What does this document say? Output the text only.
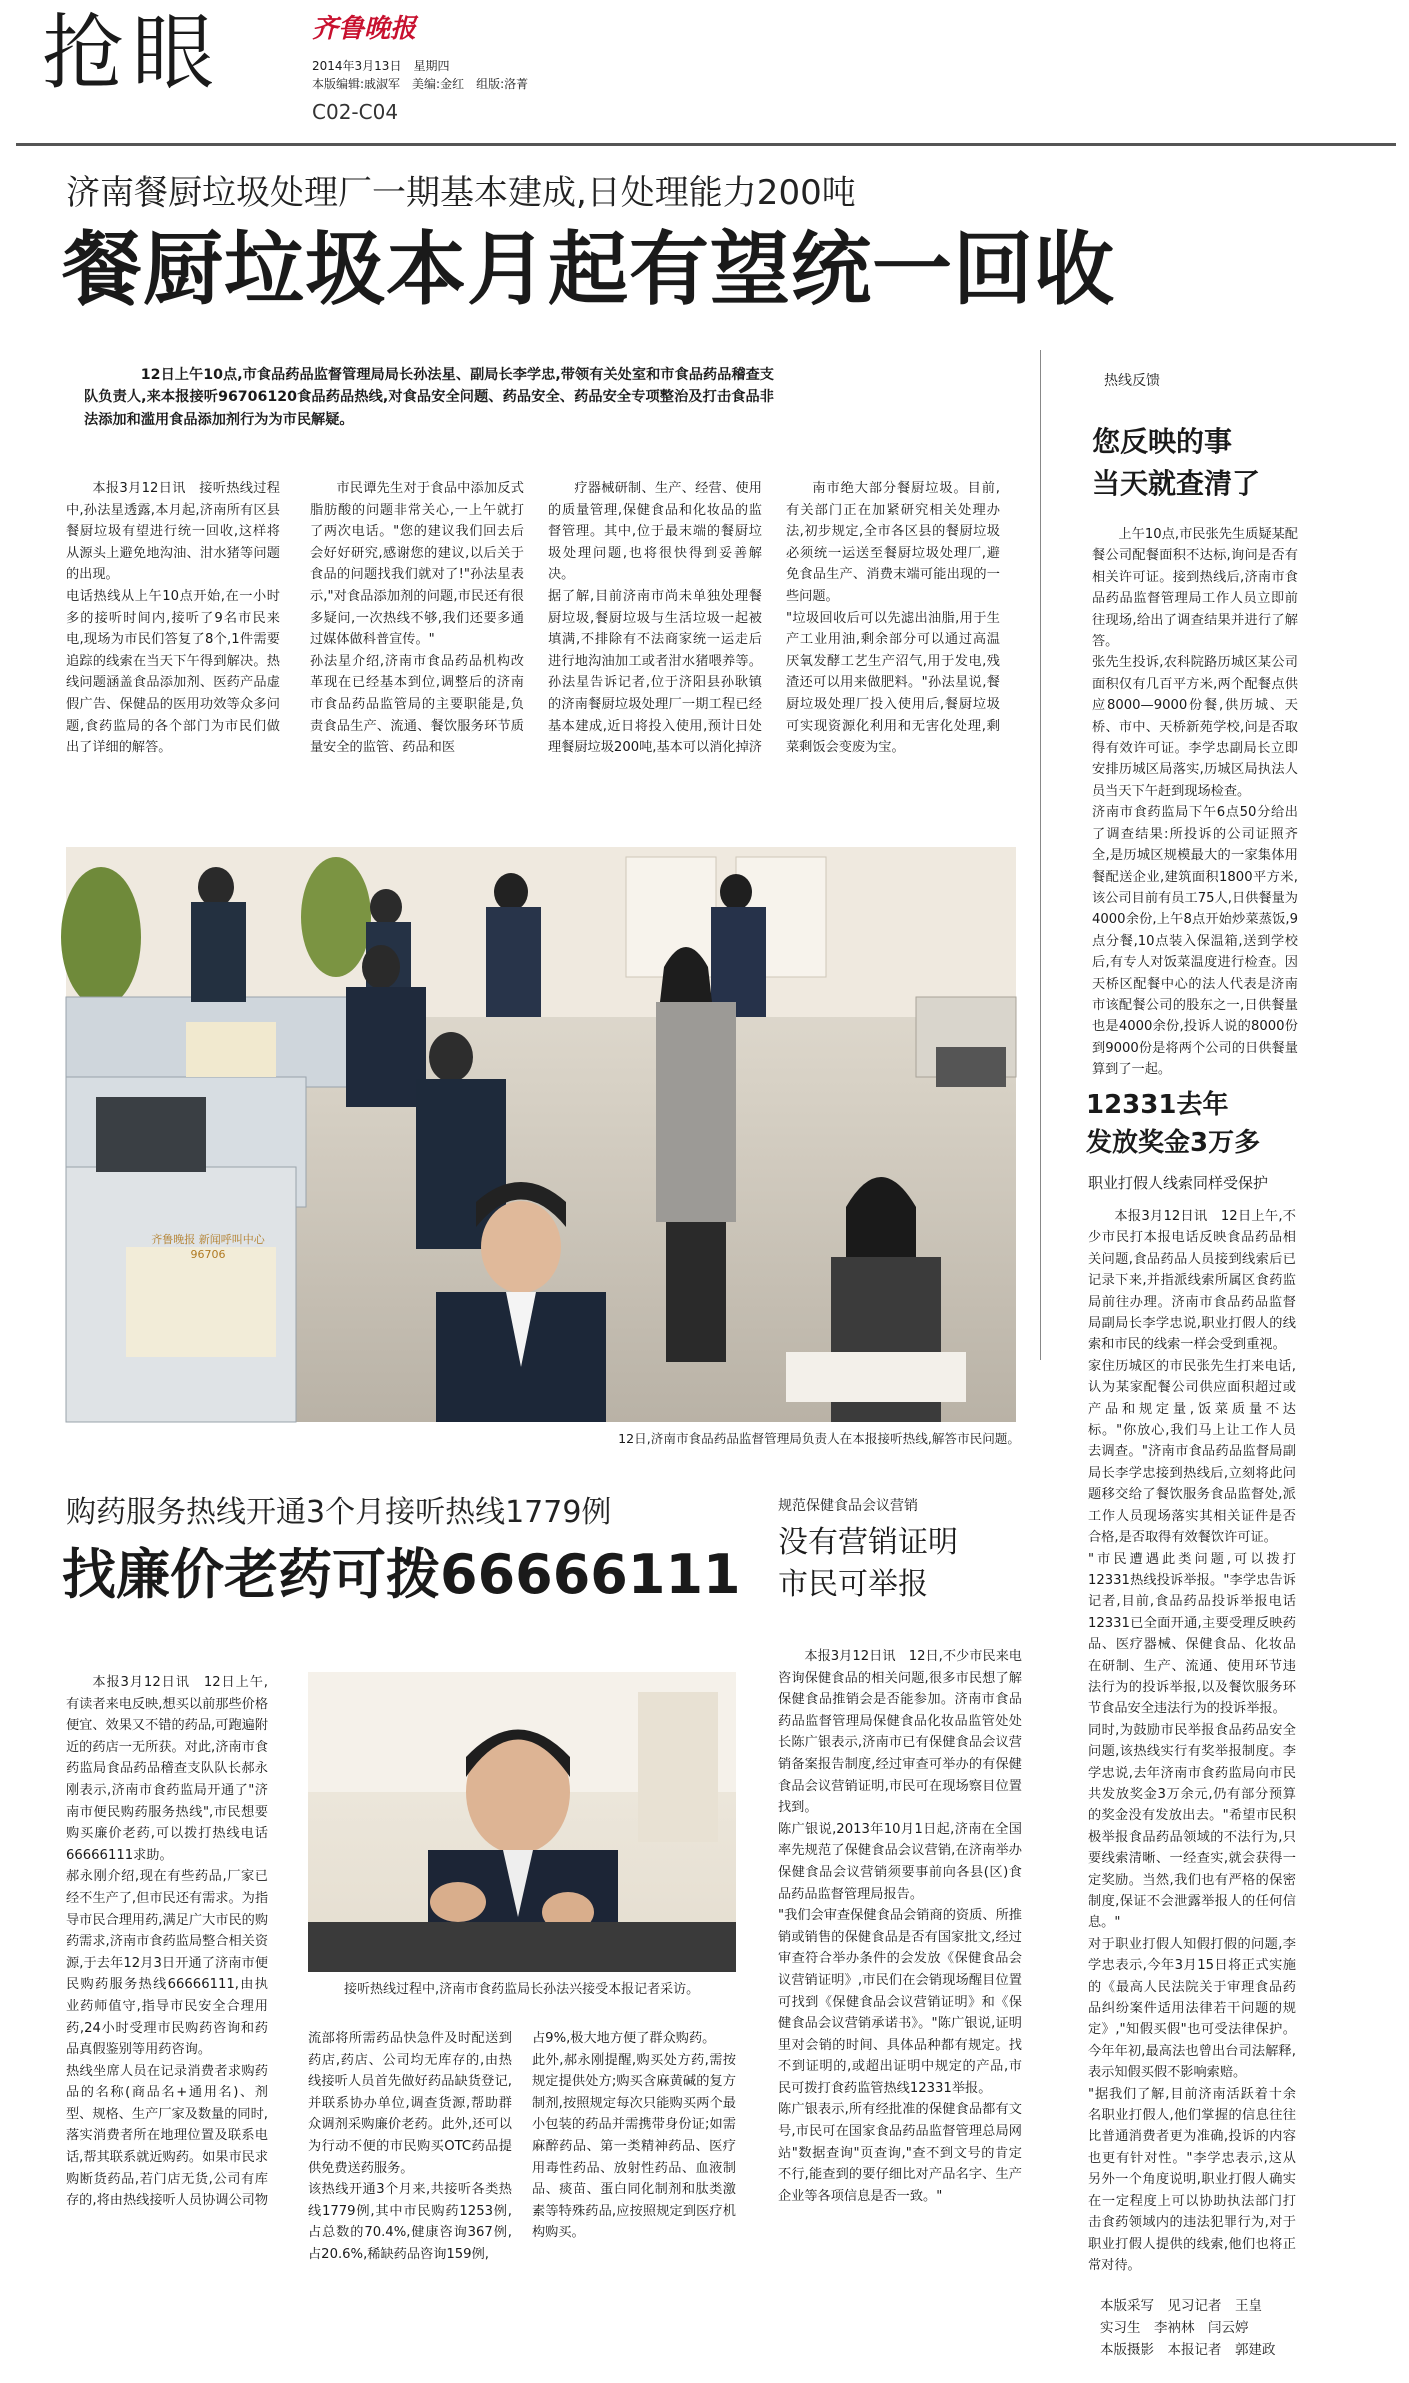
抢眼	齐鲁晚报
2014年3月13日　星期四
本版编辑:戚淑军　美编:金红　组版:洛菁
C02-C04
济南餐厨垃圾处理厂一期基本建成,日处理能力200吨
餐厨垃圾本月起有望统一回收
12日上午10点,市食品药品监督管理局局长孙法星、副局长李学忠,带领有关处室和市食品药品稽查支队负责人,来本报接听96706120食品药品热线,对食品安全问题、药品安全、药品安全专项整治及打击食品非法添加和滥用食品添加剂行为为市民解疑。
本报3月12日讯　接听热线过程中,孙法星透露,本月起,济南所有区县餐厨垃圾有望进行统一回收,这样将从源头上避免地沟油、泔水猪等问题的出现。
电话热线从上午10点开始,在一小时多的接听时间内,接听了9名市民来电,现场为市民们答复了8个,1件需要追踪的线索在当天下午得到解决。热线问题涵盖食品添加剂、医药产品虚假广告、保健品的医用功效等众多问题,食药监局的各个部门为市民们做出了详细的解答。
市民谭先生对于食品中添加反式脂肪酸的问题非常关心,一上午就打了两次电话。"您的建议我们回去后会好好研究,感谢您的建议,以后关于食品的问题找我们就对了!"孙法星表示,"对食品添加剂的问题,市民还有很多疑问,一次热线不够,我们还要多通过媒体做科普宣传。"
孙法星介绍,济南市食品药品机构改革现在已经基本到位,调整后的济南市食品药品监管局的主要职能是,负责食品生产、流通、餐饮服务环节质量安全的监管、药品和医
疗器械研制、生产、经营、使用的质量管理,保健食品和化妆品的监督管理。其中,位于最末端的餐厨垃圾处理问题,也将很快得到妥善解决。
据了解,目前济南市尚未单独处理餐厨垃圾,餐厨垃圾与生活垃圾一起被填满,不排除有不法商家统一运走后进行地沟油加工或者泔水猪喂养等。孙法星告诉记者,位于济阳县孙耿镇的济南餐厨垃圾处理厂一期工程已经基本建成,近日将投入使用,预计日处理餐厨垃圾200吨,基本可以消化掉济
南市绝大部分餐厨垃圾。目前,有关部门正在加紧研究相关处理办法,初步规定,全市各区县的餐厨垃圾必须统一运送至餐厨垃圾处理厂,避免食品生产、消费末端可能出现的一些问题。
"垃圾回收后可以先滤出油脂,用于生产工业用油,剩余部分可以通过高温厌氧发酵工艺生产沼气,用于发电,残渣还可以用来做肥料。"孙法星说,餐厨垃圾处理厂投入使用后,餐厨垃圾可实现资源化利用和无害化处理,剩菜剩饭会变废为宝。
齐鲁晚报 新闻呼叫中心 96706
12日,济南市食品药品监督管理局负责人在本报接听热线,解答市民问题。
热线反馈
您反映的事
当天就查清了
上午10点,市民张先生质疑某配餐公司配餐面积不达标,询问是否有相关许可证。接到热线后,济南市食品药品监督管理局工作人员立即前往现场,给出了调查结果并进行了解答。
张先生投诉,农科院路历城区某公司面积仅有几百平方米,两个配餐点供应8000—9000份餐,供历城、天桥、市中、天桥新苑学校,问是否取得有效许可证。李学忠副局长立即安排历城区局落实,历城区局执法人员当天下午赶到现场检查。
济南市食药监局下午6点50分给出了调查结果:所投诉的公司证照齐全,是历城区规模最大的一家集体用餐配送企业,建筑面积1800平方米,该公司目前有员工75人,日供餐量为4000余份,上午8点开始炒菜蒸饭,9点分餐,10点装入保温箱,送到学校后,有专人对饭菜温度进行检查。因天桥区配餐中心的法人代表是济南市该配餐公司的股东之一,日供餐量也是4000余份,投诉人说的8000份到9000份是将两个公司的日供餐量算到了一起。
12331去年
发放奖金3万多
职业打假人线索同样受保护
本报3月12日讯　12日上午,不少市民打本报电话反映食品药品相关问题,食品药品人员接到线索后已记录下来,并指派线索所属区食药监局前往办理。济南市食品药品监督局副局长李学忠说,职业打假人的线索和市民的线索一样会受到重视。
家住历城区的市民张先生打来电话,认为某家配餐公司供应面积超过或产品和规定量,饭菜质量不达标。"你放心,我们马上让工作人员去调查。"济南市食品药品监督局副局长李学忠接到热线后,立刻将此问题移交给了餐饮服务食品监督处,派工作人员现场落实其相关证件是否合格,是否取得有效餐饮许可证。
"市民遭遇此类问题,可以拨打12331热线投诉举报。"李学忠告诉记者,目前,食品药品投诉举报电话12331已全面开通,主要受理反映药品、医疗器械、保健食品、化妆品在研制、生产、流通、使用环节违法行为的投诉举报,以及餐饮服务环节食品安全违法行为的投诉举报。
同时,为鼓励市民举报食品药品安全问题,该热线实行有奖举报制度。李学忠说,去年济南市食药监局向市民共发放奖金3万余元,仍有部分预算的奖金没有发放出去。"希望市民积极举报食品药品领域的不法行为,只要线索清晰、一经查实,就会获得一定奖励。当然,我们也有严格的保密制度,保证不会泄露举报人的任何信息。"
对于职业打假人知假打假的问题,李学忠表示,今年3月15日将正式实施的《最高人民法院关于审理食品药品纠纷案件适用法律若干问题的规定》,"知假买假"也可受法律保护。今年年初,最高法也曾出台司法解释,表示知假买假不影响索赔。
"据我们了解,目前济南活跃着十余名职业打假人,他们掌握的信息往往比普通消费者更为准确,投诉的内容也更有针对性。"李学忠表示,这从另外一个角度说明,职业打假人确实在一定程度上可以协助执法部门打击食药领域内的违法犯罪行为,对于职业打假人提供的线索,他们也将正常对待。
本版采写　见习记者　王皇
实习生　李衲林　闫云婷
本版摄影　本报记者　郭建政
购药服务热线开通3个月接听热线1779例
找廉价老药可拨66666111
本报3月12日讯　12日上午,有读者来电反映,想买以前那些价格便宜、效果又不错的药品,可跑遍附近的药店一无所获。对此,济南市食药监局食品药品稽查支队队长郝永刚表示,济南市食药监局开通了"济南市便民购药服务热线",市民想要购买廉价老药,可以拨打热线电话66666111求助。
郝永刚介绍,现在有些药品,厂家已经不生产了,但市民还有需求。为指导市民合理用药,满足广大市民的购药需求,济南市食药监局整合相关资源,于去年12月3日开通了济南市便民购药服务热线66666111,由执业药师值守,指导市民安全合理用药,24小时受理市民购药咨询和药品真假鉴别等用药咨询。
热线坐席人员在记录消费者求购药品的名称(商品名+通用名)、剂型、规格、生产厂家及数量的同时,落实消费者所在地理位置及联系电话,帮其联系就近购药。如果市民求购断货药品,若门店无货,公司有库存的,将由热线接听人员协调公司物
接听热线过程中,济南市食药监局长孙法兴接受本报记者采访。
流部将所需药品快急件及时配送到药店,药店、公司均无库存的,由热线接听人员首先做好药品缺货登记,并联系协办单位,调查货源,帮助群众调剂采购廉价老药。此外,还可以为行动不便的市民购买OTC药品提供免费送药服务。
该热线开通3个月来,共接听各类热线1779例,其中市民购药1253例,占总数的70.4%,健康咨询367例,占20.6%,稀缺药品咨询159例,
占9%,极大地方便了群众购药。
此外,郝永刚提醒,购买处方药,需按规定提供处方;购买含麻黄碱的复方制剂,按照规定每次只能购买两个最小包装的药品并需携带身份证;如需麻醉药品、第一类精神药品、医疗用毒性药品、放射性药品、血液制品、痰苗、蛋白同化制剂和肽类激素等特殊药品,应按照规定到医疗机构购买。
规范保健食品会议营销
没有营销证明
市民可举报
本报3月12日讯　12日,不少市民来电咨询保健食品的相关问题,很多市民想了解保健食品推销会是否能参加。济南市食品药品监督管理局保健食品化妆品监管处处长陈广银表示,济南市已有保健食品会议营销备案报告制度,经过审查可举办的有保健食品会议营销证明,市民可在现场察目位置找到。
陈广银说,2013年10月1日起,济南在全国率先规范了保健食品会议营销,在济南举办保健食品会议营销须要事前向各县(区)食品药品监督管理局报告。
"我们会审查保健食品会销商的资质、所推销或销售的保健食品是否有国家批文,经过审查符合举办条件的会发放《保健食品会议营销证明》,市民们在会销现场醒目位置可找到《保健食品会议营销证明》和《保健食品会议营销承诺书》。"陈广银说,证明里对会销的时间、具体品种都有规定。找不到证明的,或超出证明中规定的产品,市民可拨打食药监管热线12331举报。
陈广银表示,所有经批准的保健食品都有文号,市民可在国家食品药品监督管理总局网站"数据查询"页查询,"查不到文号的肯定不行,能查到的要仔细比对产品名字、生产企业等各项信息是否一致。"
